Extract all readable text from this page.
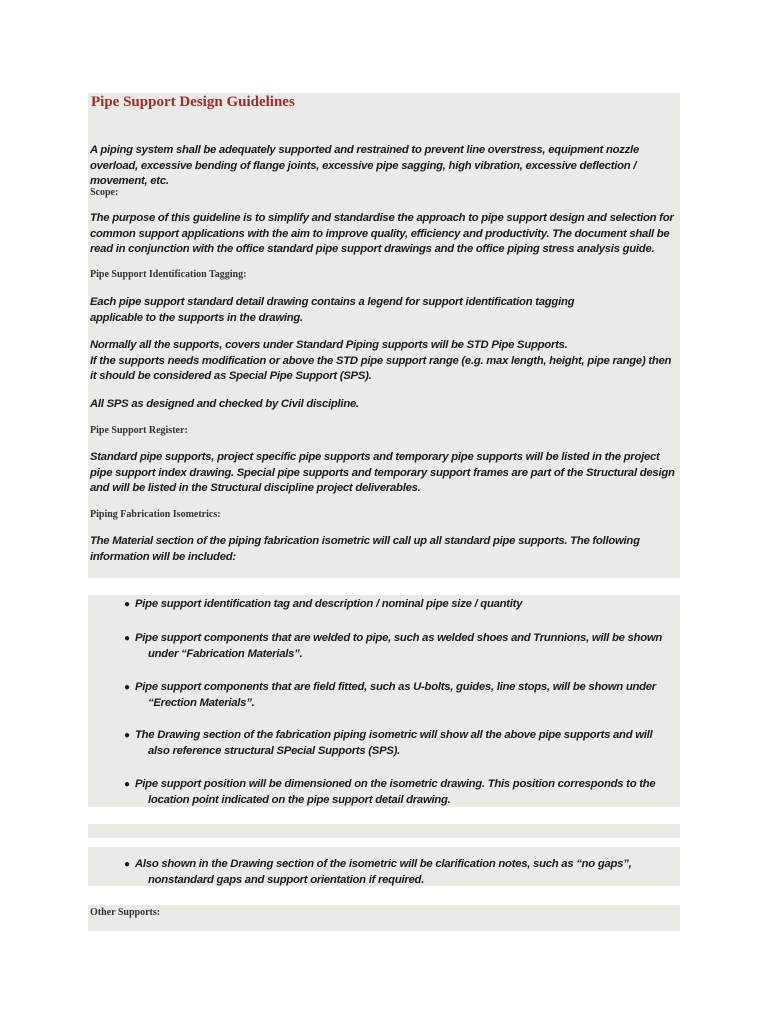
Pipe Support Design Guidelines

A piping system shall be adequately supported and restrained to prevent line overstress, equipment nozzle overload, excessive bending of flange joints, excessive pipe sagging, high vibration, excessive deflection / movement, etc.

Scope:

The purpose of this guideline is to simplify and standardise the approach to pipe support design and selection for common support applications with the aim to improve quality, efficiency and productivity. The document shall be read in conjunction with the office standard pipe support drawings and the office piping stress analysis guide.

Pipe Support Identification Tagging:

Each pipe support standard detail drawing contains a legend for support identification tagging
applicable to the supports in the drawing.

Normally all the supports, covers under Standard Piping supports will be STD Pipe Supports.
If the supports needs modification or above the STD pipe support range (e.g. max length, height, pipe range) then it should be considered as Special Pipe Support (SPS).

All SPS as designed and checked by Civil discipline.

Pipe Support Register:

Standard pipe supports, project specific pipe supports and temporary pipe supports will be listed in the project pipe support index drawing. Special pipe supports and temporary support frames are part of the Structural design and will be listed in the Structural discipline project deliverables.

Piping Fabrication Isometrics:

The Material section of the piping fabrication isometric will call up all standard pipe supports. The following information will be included:

● Pipe support identification tag and description / nominal pipe size / quantity
● Pipe support components that are welded to pipe, such as welded shoes and Trunnions, will be shown under “Fabrication Materials”.
● Pipe support components that are field fitted, such as U-bolts, guides, line stops, will be shown under “Erection Materials”.
● The Drawing section of the fabrication piping isometric will show all the above pipe supports and will also reference structural SPecial Supports (SPS).
● Pipe support position will be dimensioned on the isometric drawing. This position corresponds to the location point indicated on the pipe support detail drawing.
● Also shown in the Drawing section of the isometric will be clarification notes, such as “no gaps”, nonstandard gaps and support orientation if required.

Other Supports:
